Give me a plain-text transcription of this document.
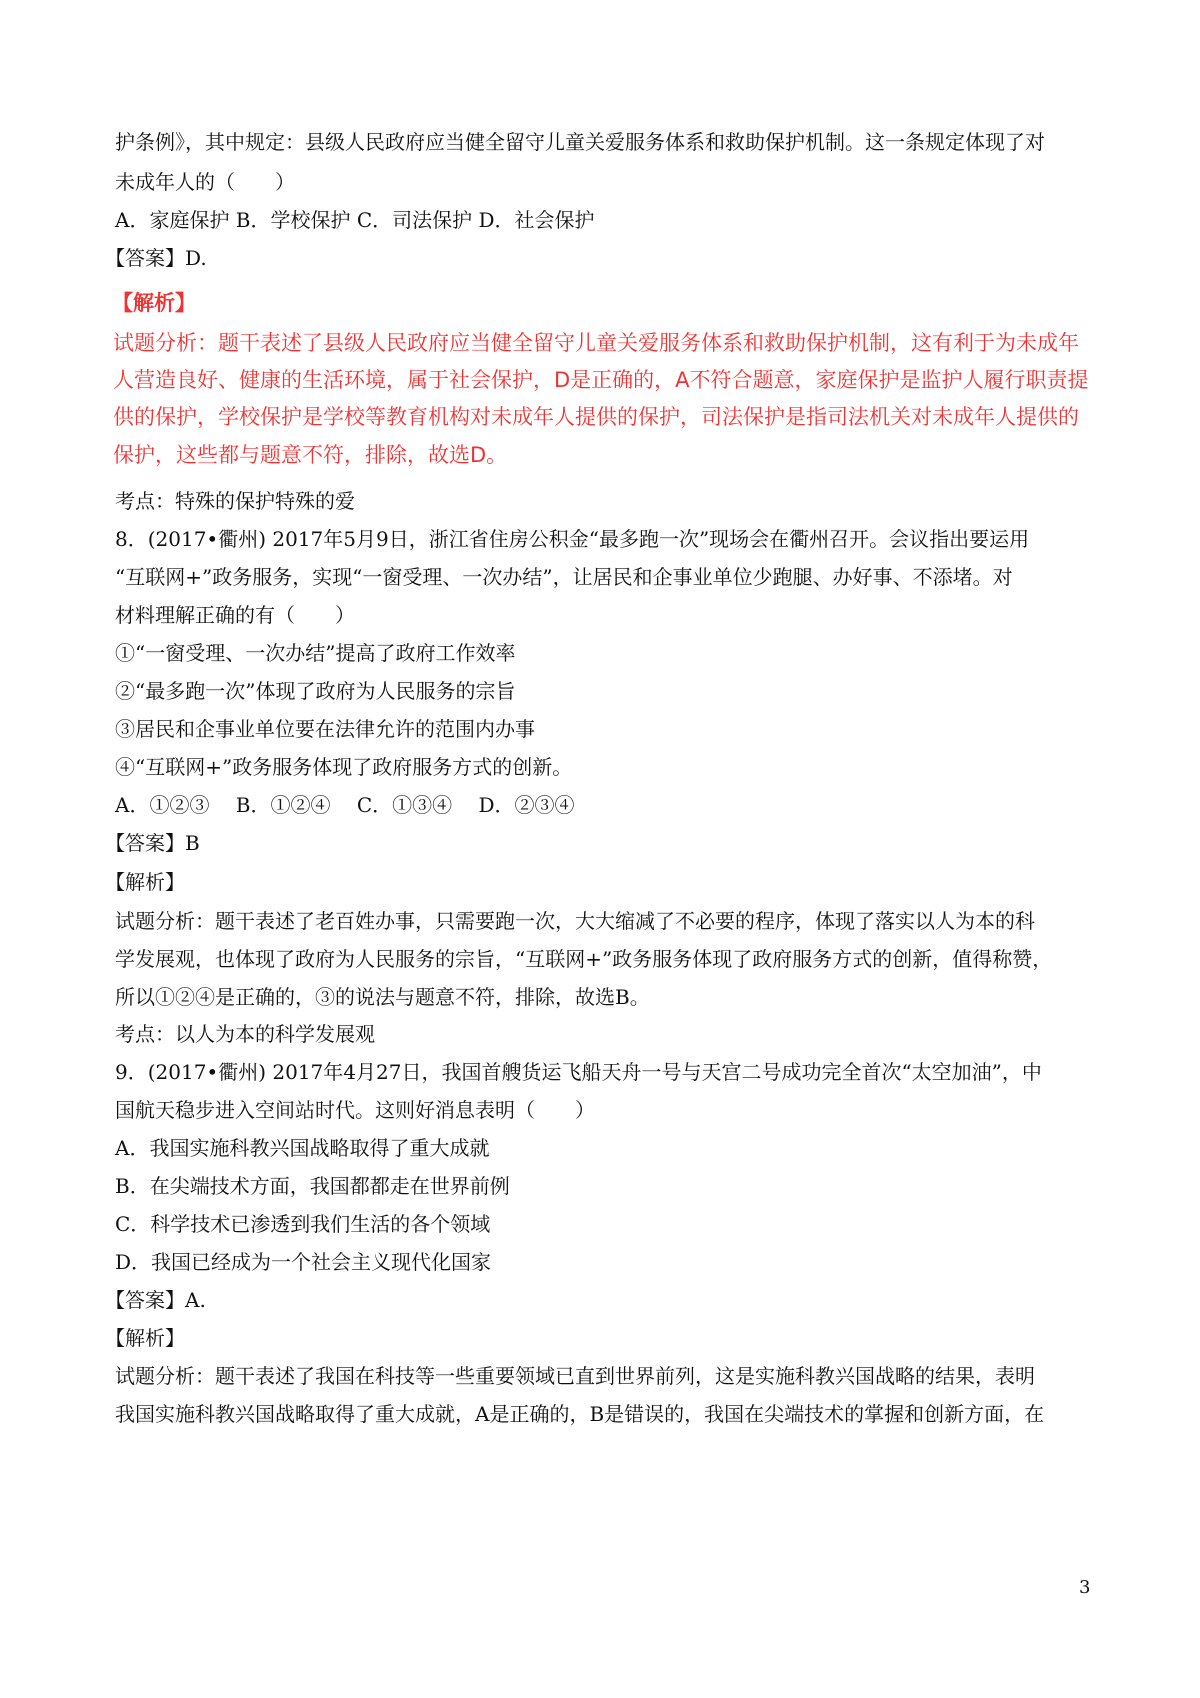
护条例》，其中规定：县级人民政府应当健全留守儿童关爱服务体系和救助保护机制。这一条规定体现了对
未成年人的（　　）
A．家庭保护 B．学校保护 C．司法保护 D．社会保护
【答案】D.
【解析】
试题分析：题干表述了县级人民政府应当健全留守儿童关爱服务体系和救助保护机制，这有利于为未成年
人营造良好、健康的生活环境，属于社会保护，D是正确的，A不符合题意，家庭保护是监护人履行职责提
供的保护，学校保护是学校等教育机构对未成年人提供的保护，司法保护是指司法机关对未成年人提供的
保护，这些都与题意不符，排除，故选D。
考点：特殊的保护特殊的爱
8．(2017•衢州) 2017年5月9日，浙江省住房公积金“最多跑一次”现场会在衢州召开。会议指出要运用
“互联网+”政务服务，实现“一窗受理、一次办结”，让居民和企事业单位少跑腿、办好事、不添堵。对
材料理解正确的有（　　）
①“一窗受理、一次办结”提高了政府工作效率
②“最多跑一次”体现了政府为人民服务的宗旨
③居民和企事业单位要在法律允许的范围内办事
④“互联网+”政务服务体现了政府服务方式的创新。
A．①②③　 B．①②④　 C．①③④　 D．②③④
【答案】B
【解析】
试题分析：题干表述了老百姓办事，只需要跑一次，大大缩减了不必要的程序，体现了落实以人为本的科
学发展观，也体现了政府为人民服务的宗旨，“互联网+”政务服务体现了政府服务方式的创新，值得称赞，
所以①②④是正确的，③的说法与题意不符，排除，故选B。
考点：以人为本的科学发展观
9．(2017•衢州) 2017年4月27日，我国首艘货运飞船天舟一号与天宫二号成功完全首次“太空加油”，中
国航天稳步进入空间站时代。这则好消息表明（　　）
A．我国实施科教兴国战略取得了重大成就
B．在尖端技术方面，我国都都走在世界前例
C．科学技术已渗透到我们生活的各个领域
D．我国已经成为一个社会主义现代化国家
【答案】A.
【解析】
试题分析：题干表述了我国在科技等一些重要领域已直到世界前列，这是实施科教兴国战略的结果，表明
我国实施科教兴国战略取得了重大成就，A是正确的，B是错误的，我国在尖端技术的掌握和创新方面，在
3
